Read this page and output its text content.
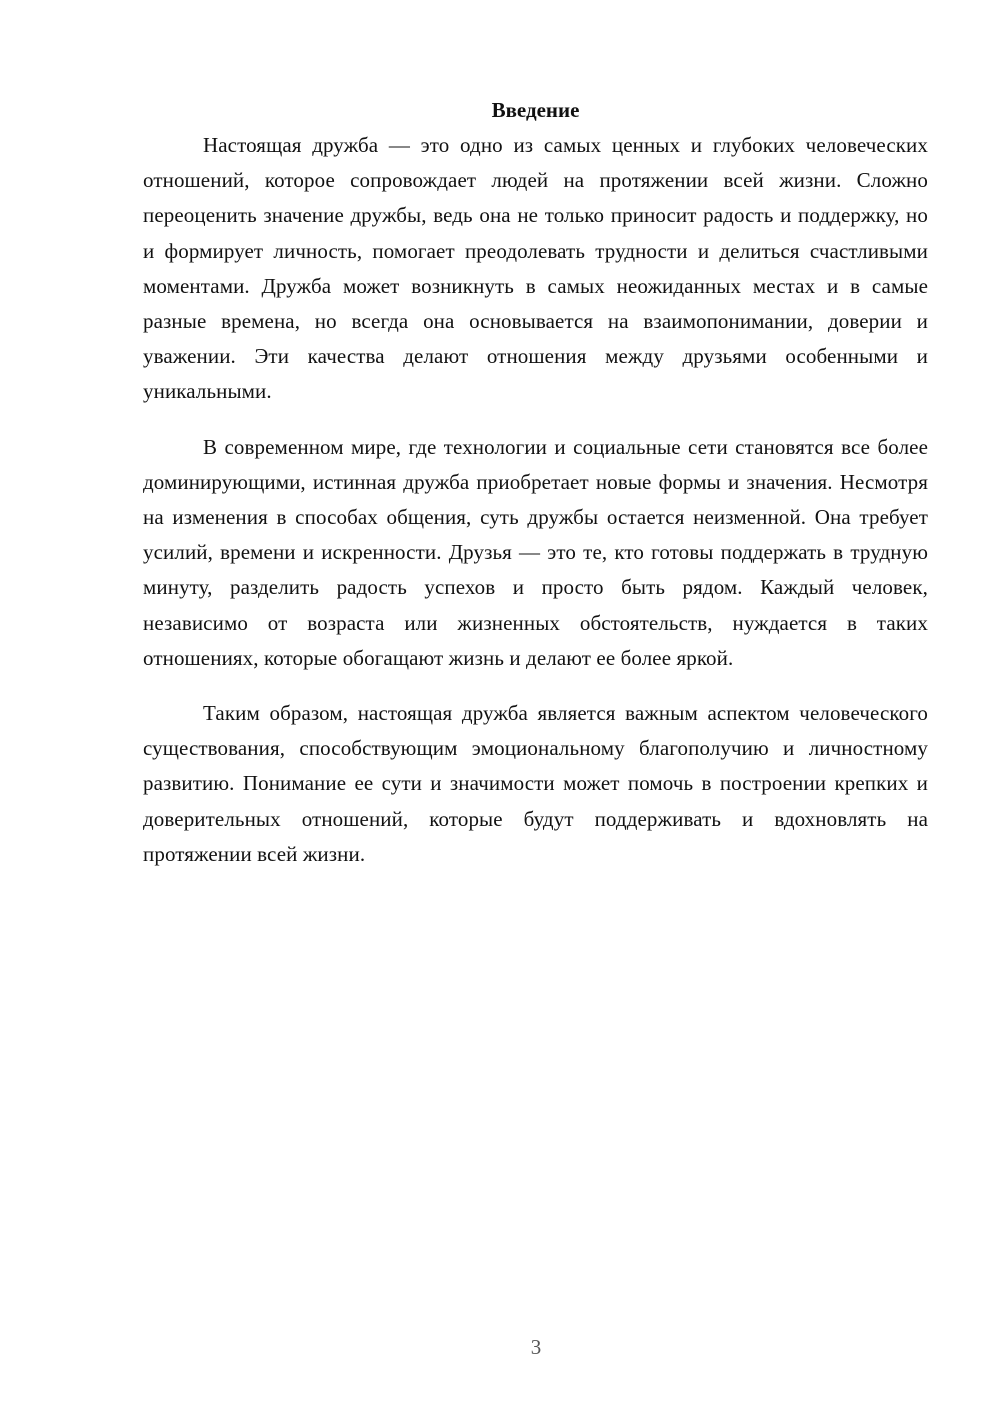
Введение

Настоящая дружба — это одно из самых ценных и глубоких человеческих отношений, которое сопровождает людей на протяжении всей жизни. Сложно переоценить значение дружбы, ведь она не только приносит радость и поддержку, но и формирует личность, помогает преодолевать трудности и делиться счастливыми моментами. Дружба может возникнуть в самых неожиданных местах и в самые разные времена, но всегда она основывается на взаимопонимании, доверии и уважении. Эти качества делают отношения между друзьями особенными и уникальными.

В современном мире, где технологии и социальные сети становятся все более доминирующими, истинная дружба приобретает новые формы и значения. Несмотря на изменения в способах общения, суть дружбы остается неизменной. Она требует усилий, времени и искренности. Друзья — это те, кто готовы поддержать в трудную минуту, разделить радость успехов и просто быть рядом. Каждый человек, независимо от возраста или жизненных обстоятельств, нуждается в таких отношениях, которые обогащают жизнь и делают ее более яркой.

Таким образом, настоящая дружба является важным аспектом человеческого существования, способствующим эмоциональному благополучию и личностному развитию. Понимание ее сути и значимости может помочь в построении крепких и доверительных отношений, которые будут поддерживать и вдохновлять на протяжении всей жизни.

3
